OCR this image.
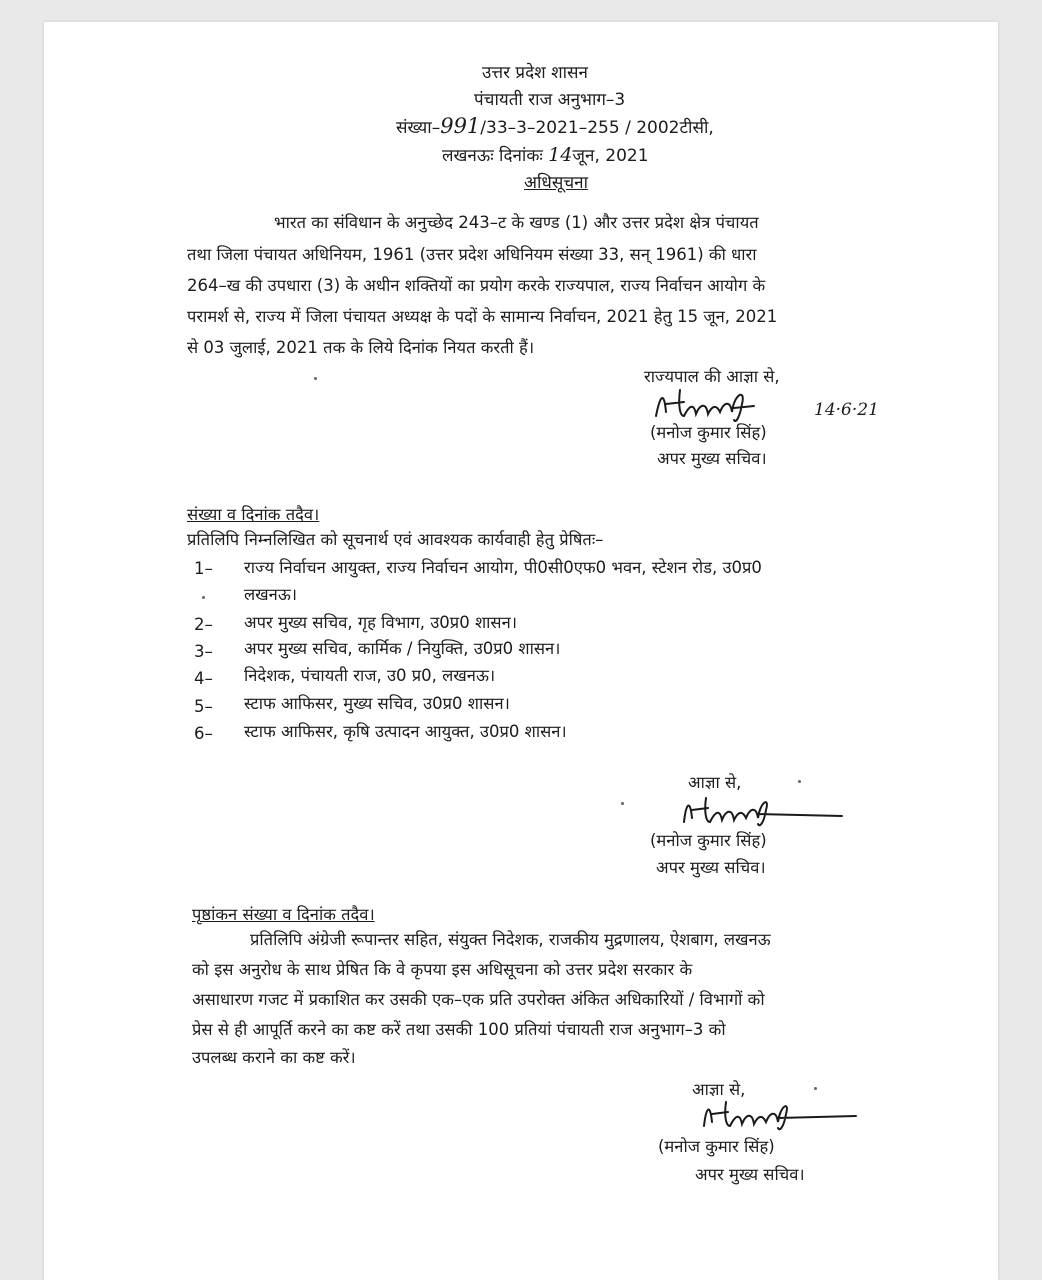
उत्तर प्रदेश शासन
पंचायती राज अनुभाग–3
संख्या–991/33–3–2021–255 / 2002टीसी,
लखनऊः दिनांकः 14जून, 2021
अधिसूचना
भारत का संविधान के अनुच्छेद 243–ट के खण्ड (1) और उत्तर प्रदेश क्षेत्र पंचायत
तथा जिला पंचायत अधिनियम, 1961 (उत्तर प्रदेश अधिनियम संख्या 33, सन् 1961) की धारा
264–ख की उपधारा (3) के अधीन शक्तियों का प्रयोग करके राज्यपाल, राज्य निर्वाचन आयोग के
परामर्श से, राज्य में जिला पंचायत अध्यक्ष के पदों के सामान्य निर्वाचन, 2021 हेतु 15 जून, 2021
से 03 जुलाई, 2021 तक के लिये दिनांक नियत करती हैं।
राज्यपाल की आज्ञा से,
14·6·21
(मनोज कुमार सिंह)
अपर मुख्य सचिव।
संख्या व दिनांक तदैव।
प्रतिलिपि निम्नलिखित को सूचनार्थ एवं आवश्यक कार्यवाही हेतु प्रेषितः–
1– राज्य निर्वाचन आयुक्त, राज्य निर्वाचन आयोग, पी0सी0एफ0 भवन, स्टेशन रोड, उ0प्र0
लखनऊ।
2– अपर मुख्य सचिव, गृह विभाग, उ0प्र0 शासन।
3– अपर मुख्य सचिव, कार्मिक / नियुक्ति, उ0प्र0 शासन।
4– निदेशक, पंचायती राज, उ0 प्र0, लखनऊ।
5– स्टाफ आफिसर, मुख्य सचिव, उ0प्र0 शासन।
6– स्टाफ आफिसर, कृषि उत्पादन आयुक्त, उ0प्र0 शासन।
आज्ञा से,
(मनोज कुमार सिंह)
अपर मुख्य सचिव।
पृष्ठांकन संख्या व दिनांक तदैव।
प्रतिलिपि अंग्रेजी रूपान्तर सहित, संयुक्त निदेशक, राजकीय मुद्रणालय, ऐशबाग, लखनऊ
को इस अनुरोध के साथ प्रेषित कि वे कृपया इस अधिसूचना को उत्तर प्रदेश सरकार के
असाधारण गजट में प्रकाशित कर उसकी एक–एक प्रति उपरोक्त अंकित अधिकारियों / विभागों को
प्रेस से ही आपूर्ति करने का कष्ट करें तथा उसकी 100 प्रतियां पंचायती राज अनुभाग–3 को
उपलब्ध कराने का कष्ट करें।
आज्ञा से,
(मनोज कुमार सिंह)
अपर मुख्य सचिव।
